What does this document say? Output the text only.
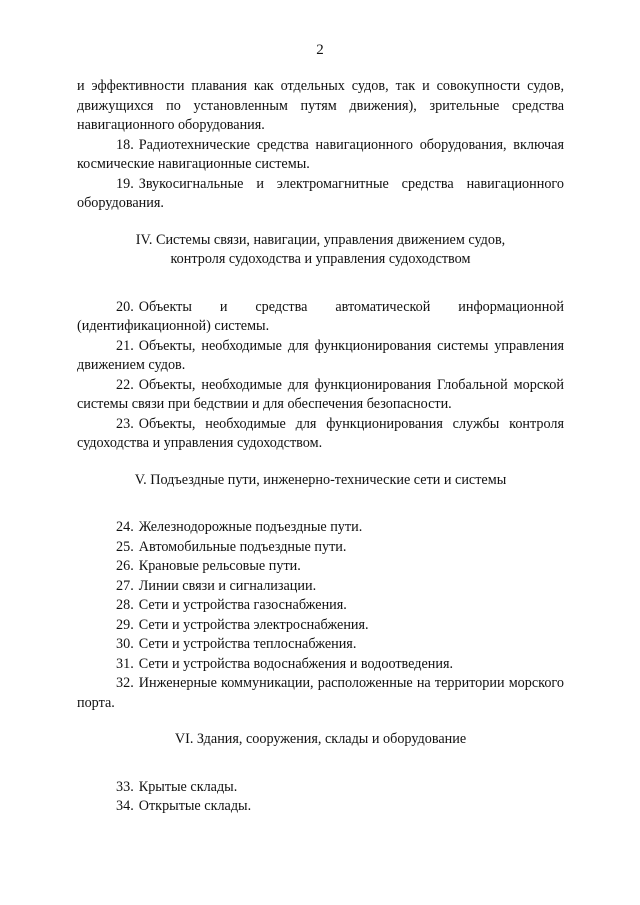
2

и эффективности плавания как отдельных судов, так и совокупности судов, движущихся по установленным путям движения), зрительные средства навигационного оборудования.

18. Радиотехнические средства навигационного оборудования, включая космические навигационные системы.

19. Звукосигнальные и электромагнитные средства навигационного оборудования.

IV. Системы связи, навигации, управления движением судов,
контроля судоходства и управления судоходством

20. Объекты и средства автоматической информационной (идентификационной) системы.

21. Объекты, необходимые для функционирования системы управления движением судов.

22. Объекты, необходимые для функционирования Глобальной морской системы связи при бедствии и для обеспечения безопасности.

23. Объекты, необходимые для функционирования службы контроля судоходства и управления судоходством.

V. Подъездные пути, инженерно-технические сети и системы

24. Железнодорожные подъездные пути.

25. Автомобильные подъездные пути.

26. Крановые рельсовые пути.

27. Линии связи и сигнализации.

28. Сети и устройства газоснабжения.

29. Сети и устройства электроснабжения.

30. Сети и устройства теплоснабжения.

31. Сети и устройства водоснабжения и водоотведения.

32. Инженерные коммуникации, расположенные на территории морского порта.

VI. Здания, сооружения, склады и оборудование

33. Крытые склады.

34. Открытые склады.
